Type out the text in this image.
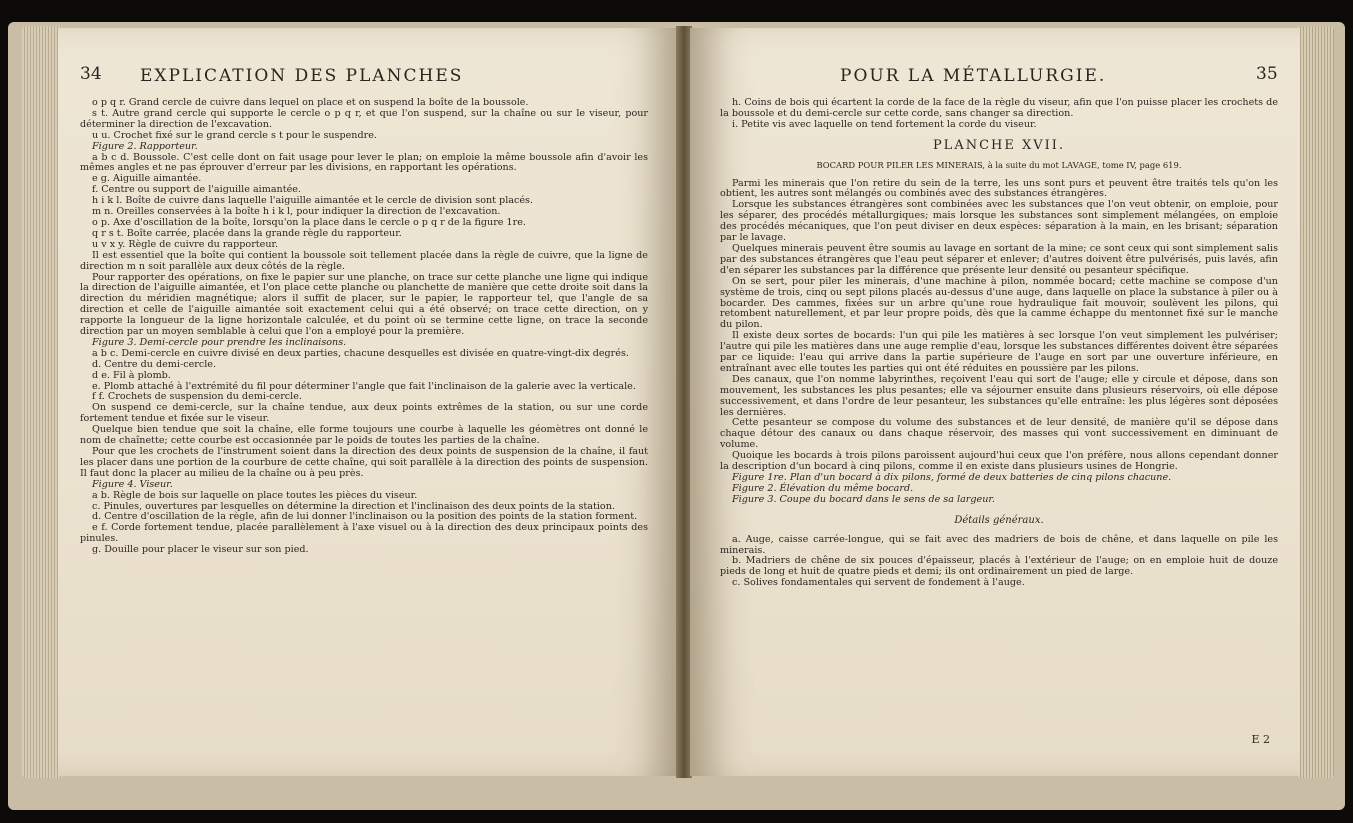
34 EXPLICATION DES PLANCHES

o p q r. Grand cercle de cuivre dans lequel on place et on suspend la boîte de la boussole.

s t. Autre grand cercle qui supporte le cercle o p q r, et que l'on suspend, sur la chaîne ou sur le viseur, pour déterminer la direction de l'excavation.

u u. Crochet fixé sur le grand cercle s t pour le suspendre.

Figure 2. Rapporteur.

a b c d. Boussole. C'est celle dont on fait usage pour lever le plan; on emploie la même boussole afin d'avoir les mêmes angles et ne pas éprouver d'erreur par les divisions, en rapportant les opérations.

e g. Aiguille aimantée.

f. Centre ou support de l'aiguille aimantée.

h i k l. Boîte de cuivre dans laquelle l'aiguille aimantée et le cercle de division sont placés.

m n. Oreilles conservées à la boîte h i k l, pour indiquer la direction de l'excavation.

o p. Axe d'oscillation de la boîte, lorsqu'on la place dans le cercle o p q r de la figure 1re.

q r s t. Boîte carrée, placée dans la grande règle du rapporteur.

u v x y. Règle de cuivre du rapporteur.

Il est essentiel que la boîte qui contient la boussole soit tellement placée dans la règle de cuivre, que la ligne de direction m n soit parallèle aux deux côtés de la règle.

Pour rapporter des opérations, on fixe le papier sur une planche, on trace sur cette planche une ligne qui indique la direction de l'aiguille aimantée, et l'on place cette planche ou planchette de manière que cette droite soit dans la direction du méridien magnétique; alors il suffit de placer, sur le papier, le rapporteur tel, que l'angle de sa direction et celle de l'aiguille aimantée soit exactement celui qui a été observé; on trace cette direction, on y rapporte la longueur de la ligne horizontale calculée, et du point où se termine cette ligne, on trace la seconde direction par un moyen semblable à celui que l'on a employé pour la première.

Figure 3. Demi-cercle pour prendre les inclinaisons.

a b c. Demi-cercle en cuivre divisé en deux parties, chacune desquelles est divisée en quatre-vingt-dix degrés.

d. Centre du demi-cercle.

d e. Fil à plomb.

e. Plomb attaché à l'extrémité du fil pour déterminer l'angle que fait l'inclinaison de la galerie avec la verticale.

f f. Crochets de suspension du demi-cercle.

On suspend ce demi-cercle, sur la chaîne tendue, aux deux points extrêmes de la station, ou sur une corde fortement tendue et fixée sur le viseur.

Quelque bien tendue que soit la chaîne, elle forme toujours une courbe à laquelle les géomètres ont donné le nom de chaînette; cette courbe est occasionnée par le poids de toutes les parties de la chaîne.

Pour que les crochets de l'instrument soient dans la direction des deux points de suspension de la chaîne, il faut les placer dans une portion de la courbure de cette chaîne, qui soit parallèle à la direction des points de suspension. Il faut donc la placer au milieu de la chaîne ou à peu près.

Figure 4. Viseur.

a b. Règle de bois sur laquelle on place toutes les pièces du viseur.

c. Pinules, ouvertures par lesquelles on détermine la direction et l'inclinaison des deux points de la station.

d. Centre d'oscillation de la règle, afin de lui donner l'inclinaison ou la position des points de la station forment.

e f. Corde fortement tendue, placée parallèlement à l'axe visuel ou à la direction des deux principaux points des pinules.

g. Douille pour placer le viseur sur son pied.

POUR LA MÉTALLURGIE.	35

h. Coins de bois qui écartent la corde de la face de la règle du viseur, afin que l'on puisse placer les crochets de la boussole et du demi-cercle sur cette corde, sans changer sa direction.

i. Petite vis avec laquelle on tend fortement la corde du viseur.

PLANCHE XVII.
BOCARD POUR PILER LES MINERAIS, à la suite du mot LAVAGE, tome IV, page 619.

Parmi les minerais que l'on retire du sein de la terre, les uns sont purs et peuvent être traités tels qu'on les obtient, les autres sont mélangés ou combinés avec des substances étrangères.

Lorsque les substances étrangères sont combinées avec les substances que l'on veut obtenir, on emploie, pour les séparer, des procédés métallurgiques; mais lorsque les substances sont simplement mélangées, on emploie des procédés mécaniques, que l'on peut diviser en deux espèces: séparation à la main, en les brisant; séparation par le lavage.

Quelques minerais peuvent être soumis au lavage en sortant de la mine; ce sont ceux qui sont simplement salis par des substances étrangères que l'eau peut séparer et enlever; d'autres doivent être pulvérisés, puis lavés, afin d'en séparer les substances par la différence que présente leur densité ou pesanteur spécifique.

On se sert, pour piler les minerais, d'une machine à pilon, nommée bocard; cette machine se compose d'un système de trois, cinq ou sept pilons placés au-dessus d'une auge, dans laquelle on place la substance à piler ou à bocarder. Des cammes, fixées sur un arbre qu'une roue hydraulique fait mouvoir, soulèvent les pilons, qui retombent naturellement, et par leur propre poids, dès que la camme échappe du mentonnet fixé sur le manche du pilon.

Il existe deux sortes de bocards: l'un qui pile les matières à sec lorsque l'on veut simplement les pulvériser; l'autre qui pile les matières dans une auge remplie d'eau, lorsque les substances différentes doivent être séparées par ce liquide: l'eau qui arrive dans la partie supérieure de l'auge en sort par une ouverture inférieure, en entraînant avec elle toutes les parties qui ont été réduites en poussière par les pilons.

Des canaux, que l'on nomme labyrinthes, reçoivent l'eau qui sort de l'auge; elle y circule et dépose, dans son mouvement, les substances les plus pesantes; elle va séjourner ensuite dans plusieurs réservoirs, où elle dépose successivement, et dans l'ordre de leur pesanteur, les substances qu'elle entraîne: les plus légères sont déposées les dernières.

Cette pesanteur se compose du volume des substances et de leur densité, de manière qu'il se dépose dans chaque détour des canaux ou dans chaque réservoir, des masses qui vont successivement en diminuant de volume.

Quoique les bocards à trois pilons paroissent aujourd'hui ceux que l'on préfère, nous allons cependant donner la description d'un bocard à cinq pilons, comme il en existe dans plusieurs usines de Hongrie.

Figure 1re. Plan d'un bocard à dix pilons, formé de deux batteries de cinq pilons chacune.

Figure 2. Élévation du même bocard.

Figure 3. Coupe du bocard dans le sens de sa largeur.

Détails généraux.

a. Auge, caisse carrée-longue, qui se fait avec des madriers de bois de chêne, et dans laquelle on pile les minerais.

b. Madriers de chêne de six pouces d'épaisseur, placés à l'extérieur de l'auge; on en emploie huit de douze pieds de long et huit de quatre pieds et demi; ils ont ordinairement un pied de large.

c. Solives fondamentales qui servent de fondement à l'auge.

E 2
